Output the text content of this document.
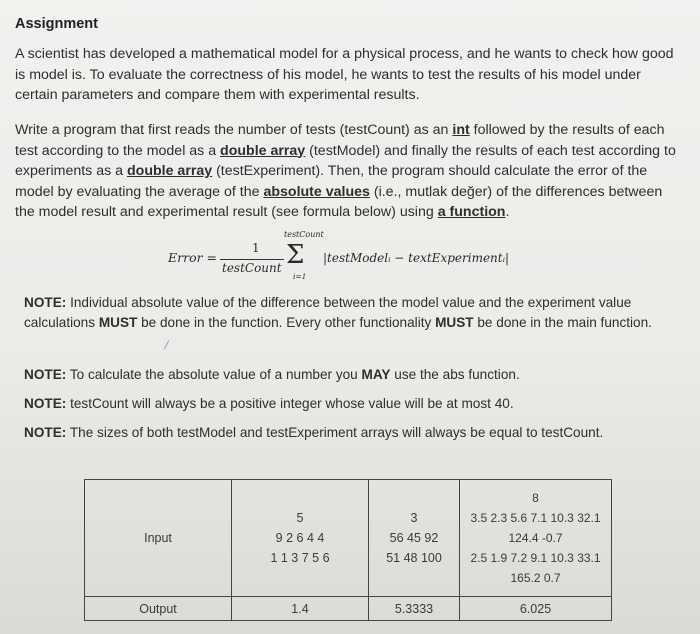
Assignment
A scientist has developed a mathematical model for a physical process, and he wants to check how good is model is. To evaluate the correctness of his model, he wants to test the results of his model under certain parameters and compare them with experimental results.
Write a program that first reads the number of tests (testCount) as an int followed by the results of each test according to the model as a double array (testModel) and finally the results of each test according to experiments as a double array (testExperiment). Then, the program should calculate the error of the model by evaluating the average of the absolute values (i.e., mutlak değer) of the differences between the model result and experimental result (see formula below) using a function.
Error =
1
testCount
testCount
Σ
i=1
|testModelᵢ − textExperimentᵢ|
NOTE: Individual absolute value of the difference between the model value and the experiment value calculations MUST be done in the function. Every other functionality MUST be done in the main function.
NOTE: To calculate the absolute value of a number you MAY use the abs function.
NOTE: testCount will always be a positive integer whose value will be at most 40.
NOTE: The sizes of both testModel and testExperiment arrays will always be equal to testCount.
Input	5
9 2 6 4 4
1 1 3 7 5 6	3
56 45 92
51 48 100	8
3.5 2.3 5.6 7.1 10.3 32.1
124.4 -0.7
2.5 1.9 7.2 9.1 10.3 33.1
165.2 0.7

Output	1.4	5.3333	6.025
